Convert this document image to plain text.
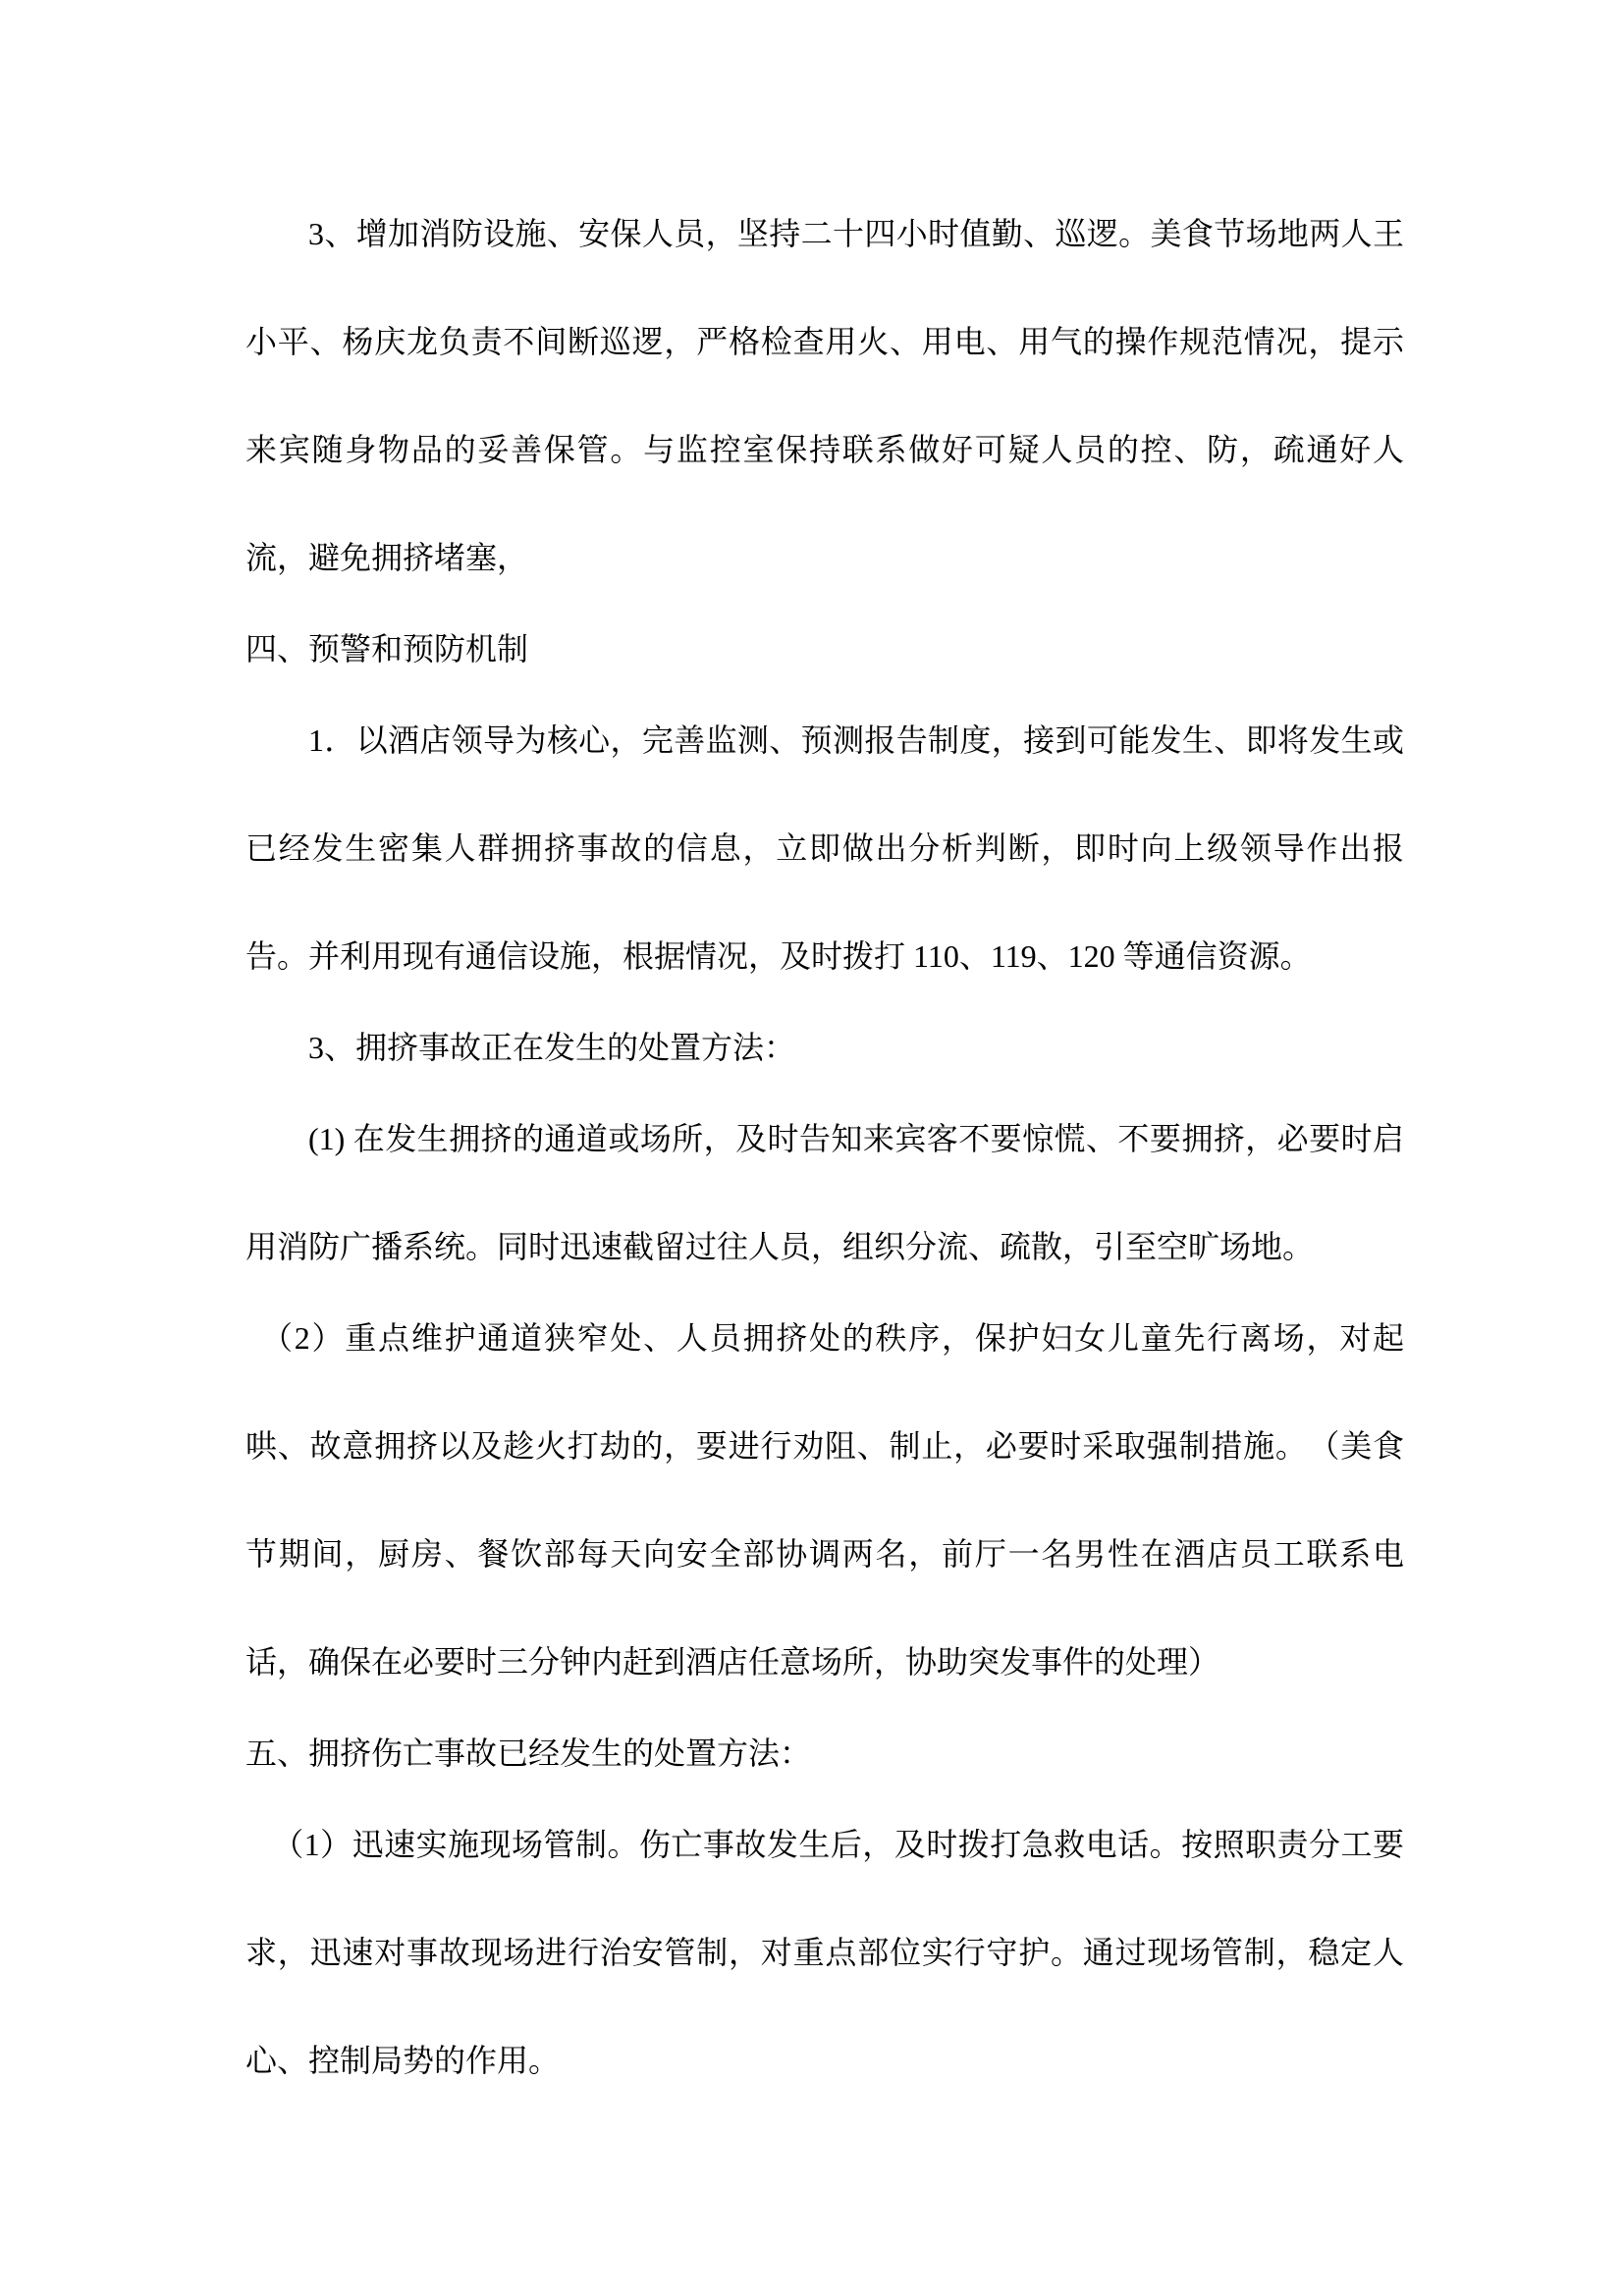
3、增加消防设施、安保人员，坚持二十四小时值勤、巡逻。美食节场地两人王小平、杨庆龙负责不间断巡逻，严格检查用火、用电、用气的操作规范情况，提示来宾随身物品的妥善保管。与监控室保持联系做好可疑人员的控、防，疏通好人流，避免拥挤堵塞，

四、预警和预防机制

1．以酒店领导为核心，完善监测、预测报告制度，接到可能发生、即将发生或已经发生密集人群拥挤事故的信息，立即做出分析判断，即时向上级领导作出报告。并利用现有通信设施，根据情况，及时拨打 110、119、120 等通信资源。

3、拥挤事故正在发生的处置方法：

(1) 在发生拥挤的通道或场所，及时告知来宾客不要惊慌、不要拥挤，必要时启用消防广播系统。同时迅速截留过往人员，组织分流、疏散，引至空旷场地。

（2）重点维护通道狭窄处、人员拥挤处的秩序，保护妇女儿童先行离场，对起哄、故意拥挤以及趁火打劫的，要进行劝阻、制止，必要时采取强制措施。　（美食节期间，厨房、餐饮部每天向安全部协调两名，前厅一名男性在酒店员工联系电话，确保在必要时三分钟内赶到酒店任意场所，协助突发事件的处理）

五、拥挤伤亡事故已经发生的处置方法：

（1）迅速实施现场管制。伤亡事故发生后，及时拨打急救电话。按照职责分工要求，迅速对事故现场进行治安管制，对重点部位实行守护。通过现场管制，稳定人心、控制局势的作用。
